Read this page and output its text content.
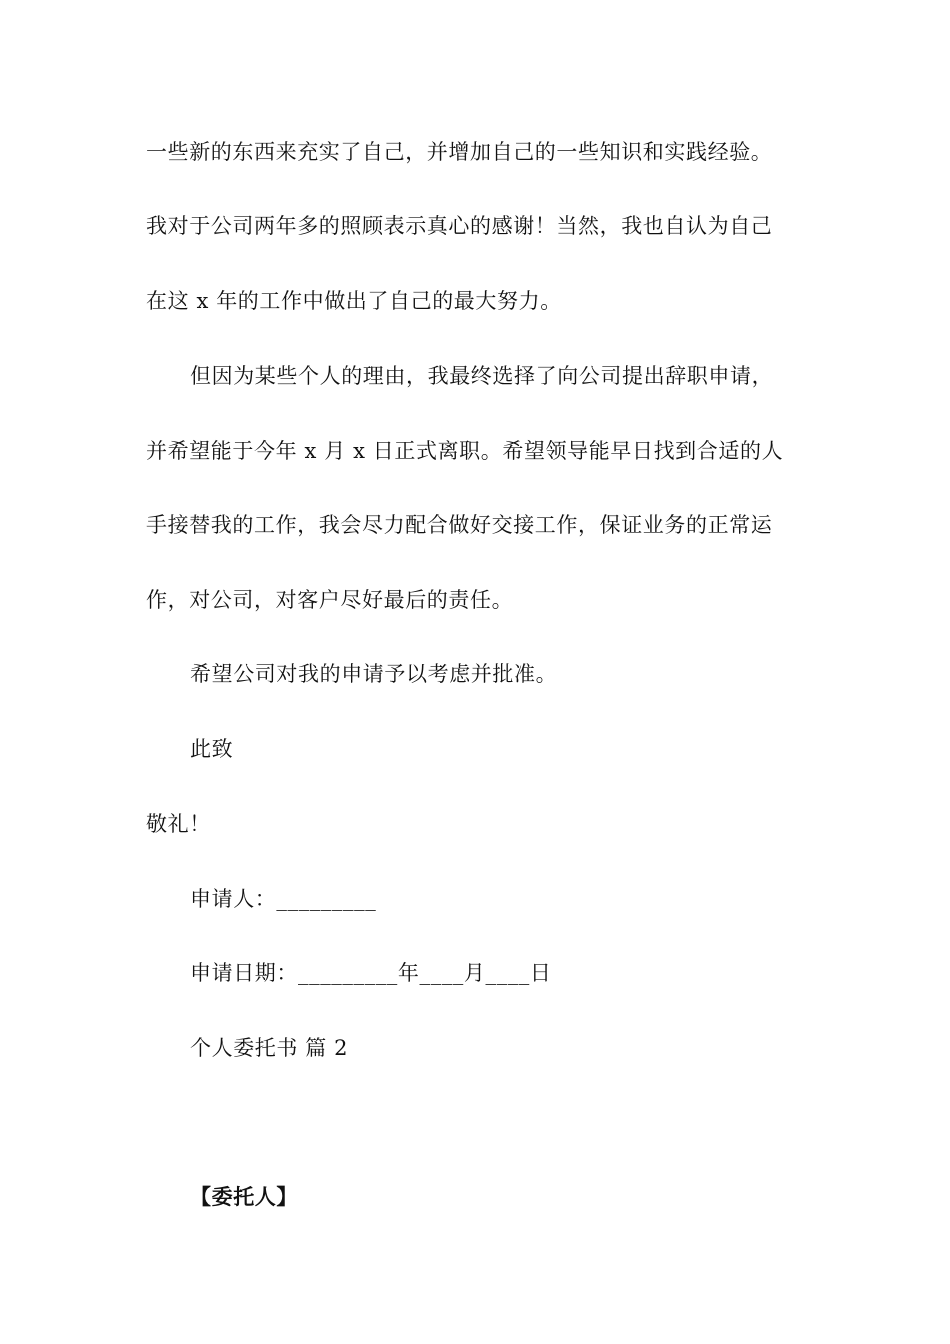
一些新的东西来充实了自己，并增加自己的一些知识和实践经验。
我对于公司两年多的照顾表示真心的感谢！当然，我也自认为自己
在这 x 年的工作中做出了自己的最大努力。
但因为某些个人的理由，我最终选择了向公司提出辞职申请，
并希望能于今年 x 月 x 日正式离职。希望领导能早日找到合适的人
手接替我的工作，我会尽力配合做好交接工作，保证业务的正常运
作，对公司，对客户尽好最后的责任。
希望公司对我的申请予以考虑并批准。
此致
敬礼！
申请人：_________
申请日期：_________年____月____日
个人委托书 篇 2
【委托人】
